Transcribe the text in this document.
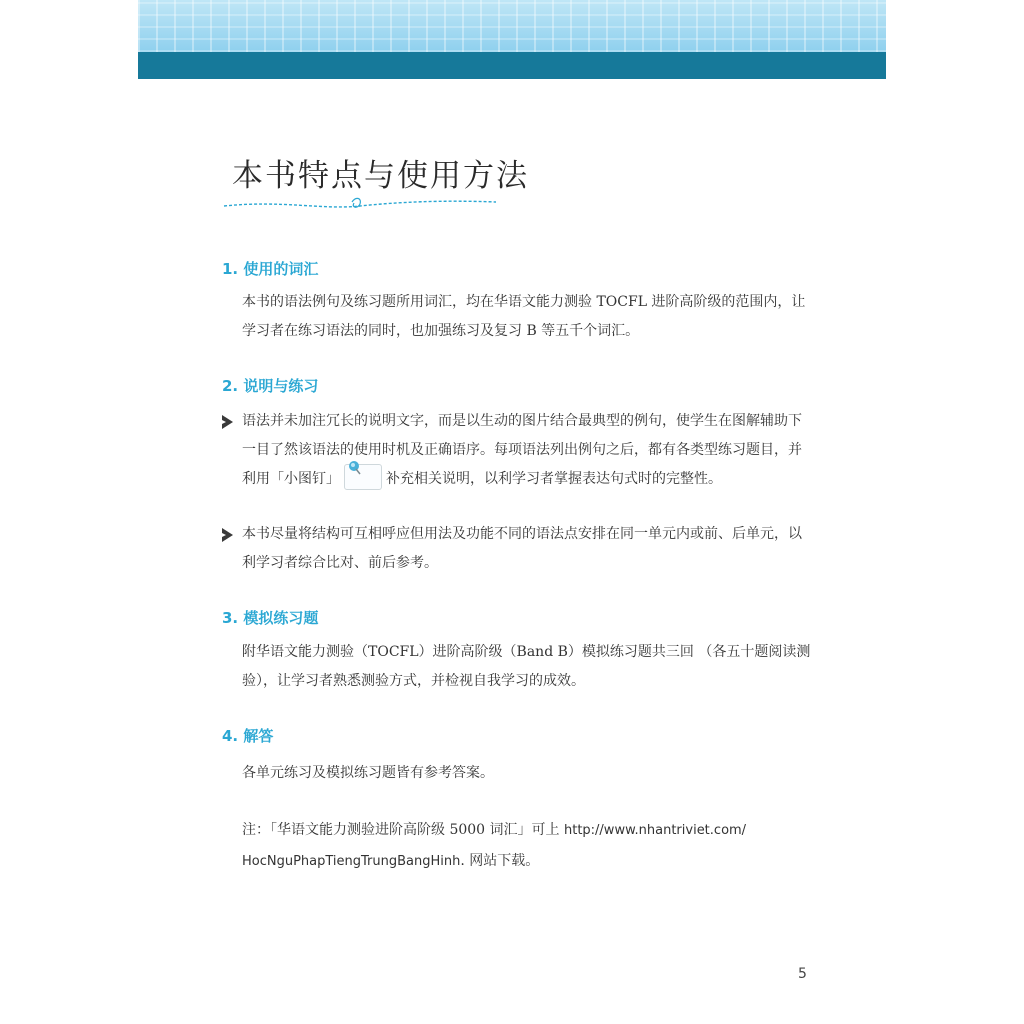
本书特点与使用方法
1. 使用的词汇
本书的语法例句及练习题所用词汇，均在华语文能力测验 TOCFL 进阶高阶级的范围内，让学习者在练习语法的同时，也加强练习及复习 B 等五千个词汇。
2. 说明与练习
语法并未加注冗长的说明文字，而是以生动的图片结合最典型的例句，使学生在图解辅助下一目了然该语法的使用时机及正确语序。每项语法列出例句之后，都有各类型练习题目，并利用「小图钉」	补充相关说明，以利学习者掌握表达句式时的完整性。
本书尽量将结构可互相呼应但用法及功能不同的语法点安排在同一单元内或前、后单元，以利学习者综合比对、前后参考。
3. 模拟练习题
附华语文能力测验（TOCFL）进阶高阶级（Band B）模拟练习题共三回 （各五十题阅读测验），让学习者熟悉测验方式，并检视自我学习的成效。
4. 解答
各单元练习及模拟练习题皆有参考答案。
注：「华语文能力测验进阶高阶级 5000 词汇」可上 http://www.nhantriviet.com/
HocNguPhapTiengTrungBangHinh. 网站下载。
5
